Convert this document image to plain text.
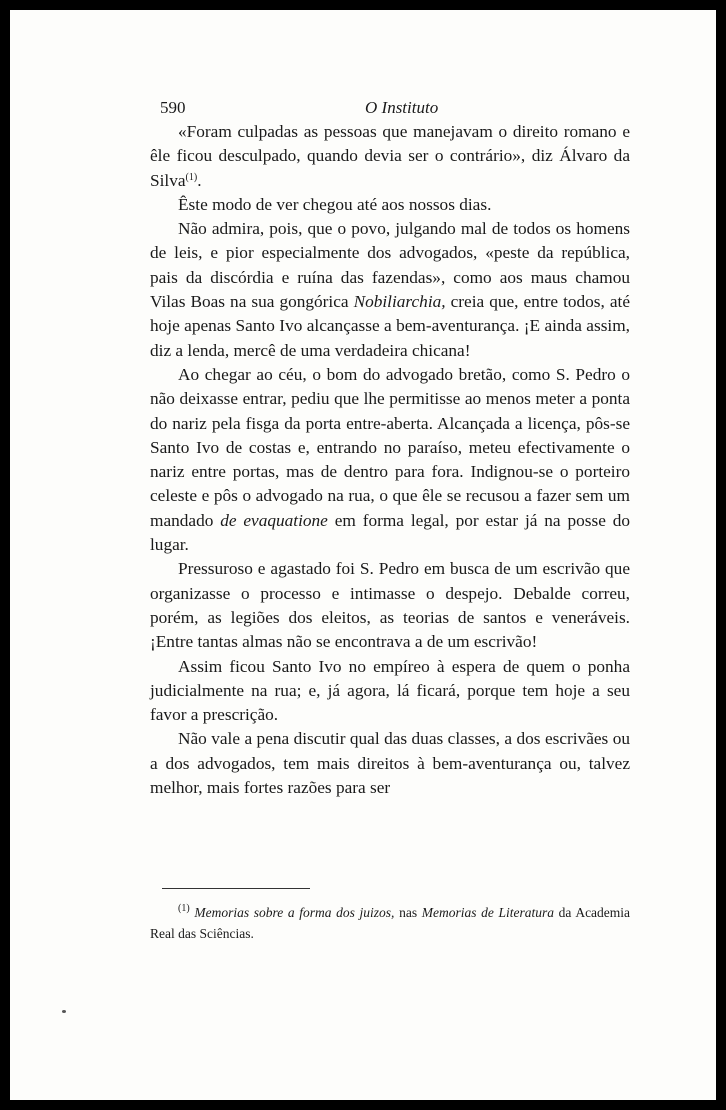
590	O Instituto

«Foram culpadas as pessoas que manejavam o direito romano e êle ficou desculpado, quando devia ser o contrário», diz Álvaro da Silva$^{(1)}$.

Êste modo de ver chegou até aos nossos dias.

Não admira, pois, que o povo, julgando mal de todos os homens de leis, e pior especialmente dos advogados, «peste da república, pais da discórdia e ruína das fazendas», como aos maus chamou Vilas Boas na sua gongórica Nobiliarchia, creia que, entre todos, até hoje apenas Santo Ivo alcançasse a bem-aventurança. ¡E ainda assim, diz a lenda, mercê de uma verdadeira chicana!

Ao chegar ao céu, o bom do advogado bretão, como S. Pedro o não deixasse entrar, pediu que lhe permitisse ao menos meter a ponta do nariz pela fisga da porta entre-aberta. Alcançada a licença, pôs-se Santo Ivo de costas e, entrando no paraíso, meteu efectivamente o nariz entre portas, mas de dentro para fora. Indignou-se o porteiro celeste e pôs o advogado na rua, o que êle se recusou a fazer sem um mandado de evaquatione em forma legal, por estar já na posse do lugar.

Pressuroso e agastado foi S. Pedro em busca de um escrivão que organizasse o processo e intimasse o despejo. Debalde correu, porém, as legiões dos eleitos, as teorias de santos e veneráveis. ¡Entre tantas almas não se encontrava a de um escrivão!

Assim ficou Santo Ivo no empíreo à espera de quem o ponha judicialmente na rua; e, já agora, lá ficará, porque tem hoje a seu favor a prescrição.

Não vale a pena discutir qual das duas classes, a dos escrivães ou a dos advogados, tem mais direitos à bem-aventurança ou, talvez melhor, mais fortes razões para ser

$^{(1)}$ Memorias sobre a forma dos juizos, nas Memorias de Literatura da Academia Real das Sciências.
